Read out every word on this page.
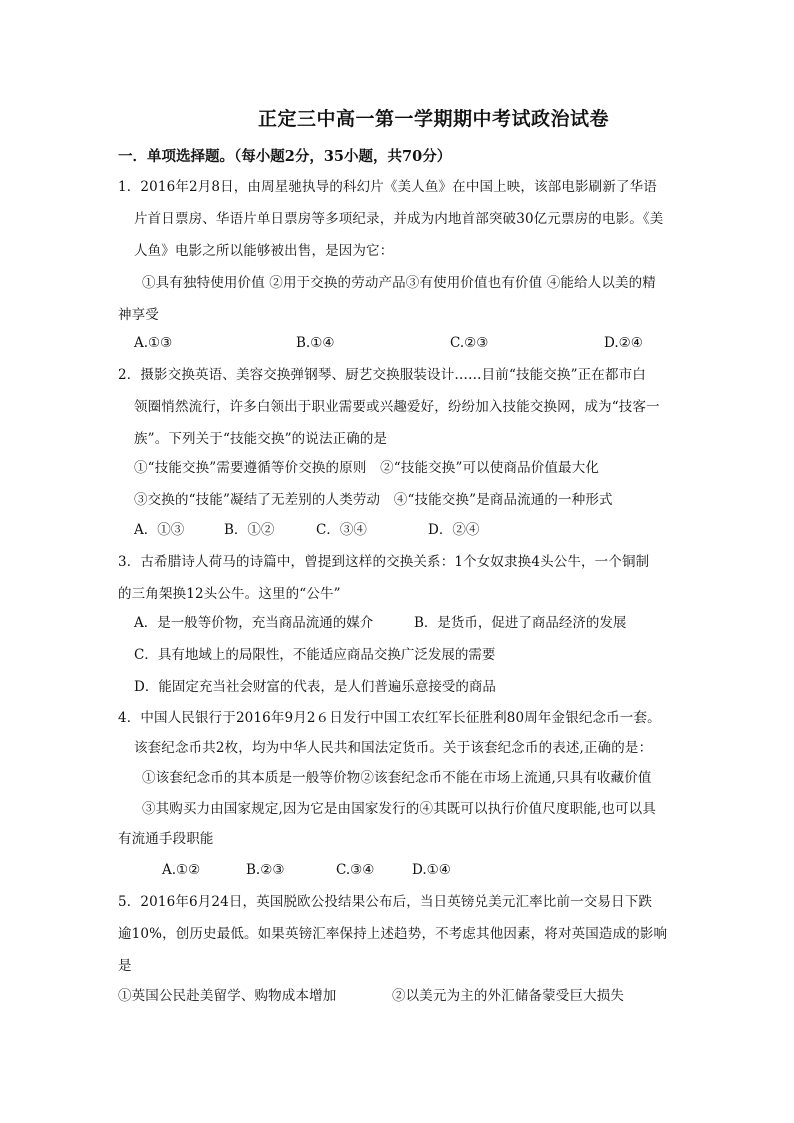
正定三中高一第一学期期中考试政治试卷
一．单项选择题。（每小题2分，35小题，共70分）
1．2016年2月8日，由周星驰执导的科幻片《美人鱼》在中国上映，该部电影刷新了华语
片首日票房、华语片单日票房等多项纪录，并成为内地首部突破30亿元票房的电影。《美
人鱼》电影之所以能够被出售，是因为它：
①具有独特使用价值 ②用于交换的劳动产品③有使用价值也有价值 ④能给人以美的精
神享受
A.①③	B.①④	C.②③	D.②④
2．摄影交换英语、美容交换弹钢琴、厨艺交换服装设计……目前“技能交换”正在都市白
领圈悄然流行，许多白领出于职业需要或兴趣爱好，纷纷加入技能交换网，成为“技客一
族”。下列关于“技能交换”的说法正确的是
①“技能交换”需要遵循等价交换的原则　②“技能交换”可以使商品价值最大化
③交换的“技能”凝结了无差别的人类劳动　④“技能交换”是商品流通的一种形式
A．①③	B．①②	C．③④	D．②④
3．古希腊诗人荷马的诗篇中，曾提到这样的交换关系：1个女奴隶换4头公牛，一个铜制
的三角架换12头公牛。这里的“公牛”
A．是一般等价物，充当商品流通的媒介	B．是货币，促进了商品经济的发展
C．具有地域上的局限性，不能适应商品交换广泛发展的需要
D．能固定充当社会财富的代表，是人们普遍乐意接受的商品
4．中国人民银行于2016年9月2６日发行中国工农红军长征胜利80周年金银纪念币一套。
该套纪念币共2枚，均为中华人民共和国法定货币。关于该套纪念币的表述,正确的是：
①该套纪念币的其本质是一般等价物②该套纪念币不能在市场上流通,只具有收藏价值
③其购买力由国家规定,因为它是由国家发行的④其既可以执行价值尺度职能,也可以具
有流通手段职能
A.①②	B.②③	C.③④	D.①④
5．2016年6月24日，英国脱欧公投结果公布后，当日英镑兑美元汇率比前一交易日下跌
逾10%，创历史最低。如果英镑汇率保持上述趋势，不考虑其他因素，将对英国造成的影响
是
①英国公民赴美留学、购物成本增加	②以美元为主的外汇储备蒙受巨大损失
